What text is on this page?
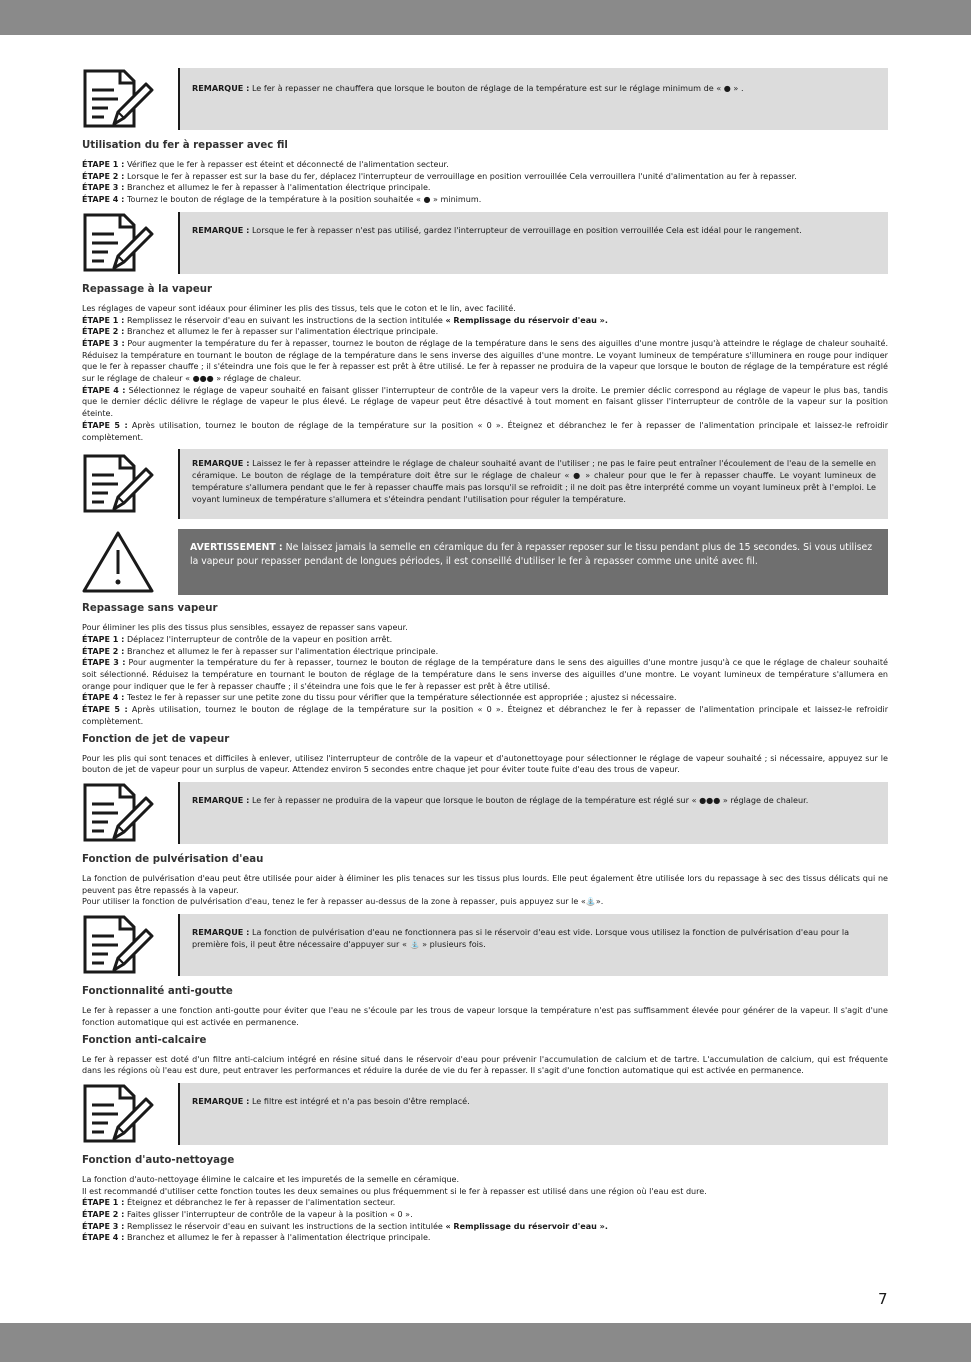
REMARQUE : Le fer à repasser ne chauffera que lorsque le bouton de réglage de la température est sur le réglage minimum de « ● » .
Utilisation du fer à repasser avec fil

ÉTAPE 1 : Vérifiez que le fer à repasser est éteint et déconnecté de l'alimentation secteur.
ÉTAPE 2 : Lorsque le fer à repasser est sur la base du fer, déplacez l'interrupteur de verrouillage en position verrouillée Cela verrouillera l'unité d'alimentation au fer à repasser.
ÉTAPE 3 : Branchez et allumez le fer à repasser à l'alimentation électrique principale.
ÉTAPE 4 : Tournez le bouton de réglage de la température à la position souhaitée « ● » minimum.

REMARQUE : Lorsque le fer à repasser n'est pas utilisé, gardez l'interrupteur de verrouillage en position verrouillée Cela est idéal pour le rangement.
Repassage à la vapeur

Les réglages de vapeur sont idéaux pour éliminer les plis des tissus, tels que le coton et le lin, avec facilité.
ÉTAPE 1 : Remplissez le réservoir d'eau en suivant les instructions de la section intitulée « Remplissage du réservoir d'eau ».
ÉTAPE 2 : Branchez et allumez le fer à repasser sur l'alimentation électrique principale.
ÉTAPE 3 : Pour augmenter la température du fer à repasser, tournez le bouton de réglage de la température dans le sens des aiguilles d'une montre jusqu'à atteindre le réglage de chaleur souhaité. Réduisez la température en tournant le bouton de réglage de la température dans le sens inverse des aiguilles d'une montre. Le voyant lumineux de température s'illuminera en rouge pour indiquer que le fer à repasser chauffe ; il s'éteindra une fois que le fer à repasser est prêt à être utilisé. Le fer à repasser ne produira de la vapeur que lorsque le bouton de réglage de la température est réglé sur le réglage de chaleur « ●●● » réglage de chaleur.
ÉTAPE 4 : Sélectionnez le réglage de vapeur souhaité en faisant glisser l'interrupteur de contrôle de la vapeur vers la droite. Le premier déclic correspond au réglage de vapeur le plus bas, tandis que le dernier déclic délivre le réglage de vapeur le plus élevé. Le réglage de vapeur peut être désactivé à tout moment en faisant glisser l'interrupteur de contrôle de la vapeur sur la position éteinte.
ÉTAPE 5 : Après utilisation, tournez le bouton de réglage de la température sur la position « 0 ». Éteignez et débranchez le fer à repasser de l'alimentation principale et laissez-le refroidir complètement.

REMARQUE : Laissez le fer à repasser atteindre le réglage de chaleur souhaité avant de l'utiliser ; ne pas le faire peut entraîner l'écoulement de l'eau de la semelle en céramique. Le bouton de réglage de la température doit être sur le réglage de chaleur « ● » chaleur pour que le fer à repasser chauffe. Le voyant lumineux de température s'allumera pendant que le fer à repasser chauffe mais pas lorsqu'il se refroidit ; il ne doit pas être interprété comme un voyant lumineux prêt à l'emploi. Le voyant lumineux de température s'allumera et s'éteindra pendant l'utilisation pour réguler la température.
AVERTISSEMENT : Ne laissez jamais la semelle en céramique du fer à repasser reposer sur le tissu pendant plus de 15 secondes. Si vous utilisez la vapeur pour repasser pendant de longues périodes, il est conseillé d'utiliser le fer à repasser comme une unité avec fil.
Repassage sans vapeur

Pour éliminer les plis des tissus plus sensibles, essayez de repasser sans vapeur.
ÉTAPE 1 : Déplacez l'interrupteur de contrôle de la vapeur en position arrêt.
ÉTAPE 2 : Branchez et allumez le fer à repasser sur l'alimentation électrique principale.
ÉTAPE 3 : Pour augmenter la température du fer à repasser, tournez le bouton de réglage de la température dans le sens des aiguilles d'une montre jusqu'à ce que le réglage de chaleur souhaité soit sélectionné. Réduisez la température en tournant le bouton de réglage de la température dans le sens inverse des aiguilles d'une montre. Le voyant lumineux de température s'allumera en orange pour indiquer que le fer à repasser chauffe ; il s'éteindra une fois que le fer à repasser est prêt à être utilisé.
ÉTAPE 4 : Testez le fer à repasser sur une petite zone du tissu pour vérifier que la température sélectionnée est appropriée ; ajustez si nécessaire.
ÉTAPE 5 : Après utilisation, tournez le bouton de réglage de la température sur la position « 0 ». Éteignez et débranchez le fer à repasser de l'alimentation principale et laissez-le refroidir complètement.

Fonction de jet de vapeur

Pour les plis qui sont tenaces et difficiles à enlever, utilisez l'interrupteur de contrôle de la vapeur et d'autonettoyage pour sélectionner le réglage de vapeur souhaité ; si nécessaire, appuyez sur le bouton de jet de vapeur pour un surplus de vapeur. Attendez environ 5 secondes entre chaque jet pour éviter toute fuite d'eau des trous de vapeur.

REMARQUE : Le fer à repasser ne produira de la vapeur que lorsque le bouton de réglage de la température est réglé sur « ●●● » réglage de chaleur.
Fonction de pulvérisation d'eau

La fonction de pulvérisation d'eau peut être utilisée pour aider à éliminer les plis tenaces sur les tissus plus lourds. Elle peut également être utilisée lors du repassage à sec des tissus délicats qui ne peuvent pas être repassés à la vapeur.
Pour utiliser la fonction de pulvérisation d'eau, tenez le fer à repasser au-dessus de la zone à repasser, puis appuyez sur le «⛲».

REMARQUE : La fonction de pulvérisation d'eau ne fonctionnera pas si le réservoir d'eau est vide. Lorsque vous utilisez la fonction de pulvérisation d'eau pour la première fois, il peut être nécessaire d'appuyer sur « ⛲ » plusieurs fois.
Fonctionnalité anti-goutte

Le fer à repasser a une fonction anti-goutte pour éviter que l'eau ne s'écoule par les trous de vapeur lorsque la température n'est pas suffisamment élevée pour générer de la vapeur. Il s'agit d'une fonction automatique qui est activée en permanence.

Fonction anti-calcaire

Le fer à repasser est doté d'un filtre anti-calcium intégré en résine situé dans le réservoir d'eau pour prévenir l'accumulation de calcium et de tartre. L'accumulation de calcium, qui est fréquente dans les régions où l'eau est dure, peut entraver les performances et réduire la durée de vie du fer à repasser. Il s'agit d'une fonction automatique qui est activée en permanence.

REMARQUE : Le filtre est intégré et n'a pas besoin d'être remplacé.
Fonction d'auto-nettoyage

La fonction d'auto-nettoyage élimine le calcaire et les impuretés de la semelle en céramique.
Il est recommandé d'utiliser cette fonction toutes les deux semaines ou plus fréquemment si le fer à repasser est utilisé dans une région où l'eau est dure.
ÉTAPE 1 : Éteignez et débranchez le fer à repasser de l'alimentation secteur.
ÉTAPE 2 : Faites glisser l'interrupteur de contrôle de la vapeur à la position « 0 ».
ÉTAPE 3 : Remplissez le réservoir d'eau en suivant les instructions de la section intitulée « Remplissage du réservoir d'eau ».
ÉTAPE 4 : Branchez et allumez le fer à repasser à l'alimentation électrique principale.

7
